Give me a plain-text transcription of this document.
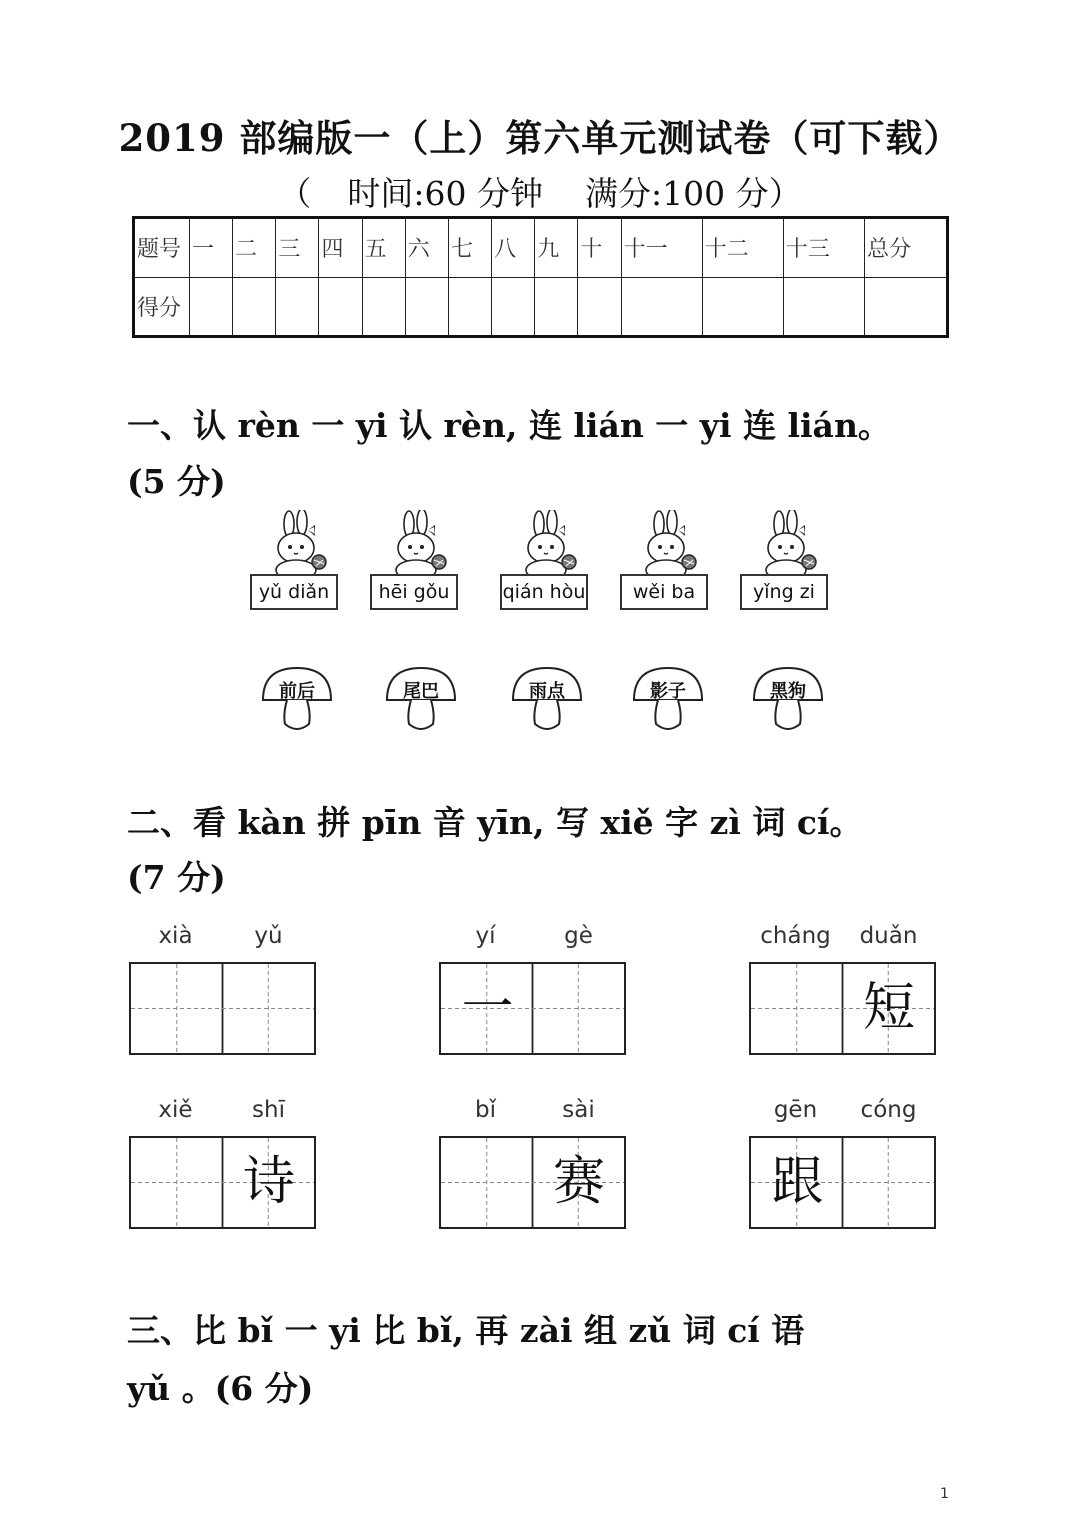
2019 部编版一（上）第六单元测试卷（可下载）
（ 时间:60 分钟 满分:100 分）
题号	一	二	三	四	五	六	七	八	九	十	十一	十二	十三	总分
得分														
一、认 rèn 一 yi 认 rèn, 连 lián 一 yi 连 lián。
(5 分)
yǔ diǎn	hēi gǒu	qián hòu	wěi ba	yǐng zi
前后	尾巴	雨点	影子	黑狗
二、看 kàn 拼 pīn 音 yīn, 写 xiě 字 zì 词 cí。
(7 分)
xià	yǔ	yí	gè
一
cháng	duǎn
短
xiě	shī
诗
bǐ	sài
赛
gēn	cóng
跟
三、比 bǐ 一 yi 比 bǐ, 再 zài 组 zǔ 词 cí 语
yǔ 。(6 分)
1
